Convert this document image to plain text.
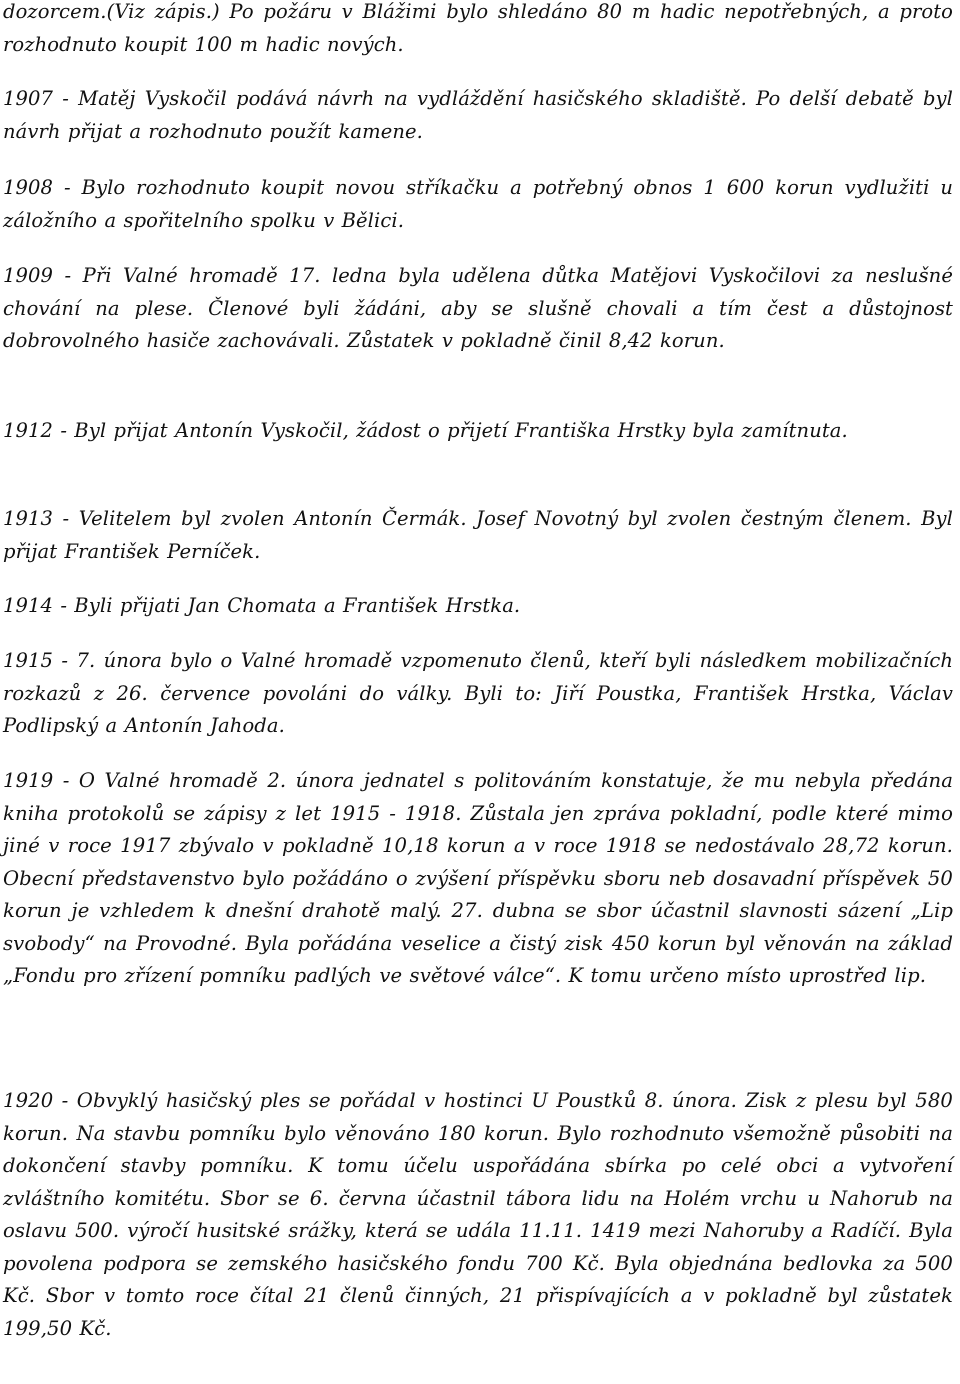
dozorcem.(Viz zápis.) Po požáru v Blážimi bylo shledáno 80 m hadic nepotřebných, a proto rozhodnuto koupit 100 m hadic nových.

1907 - Matěj Vyskočil podává návrh na vydláždění hasičského skladiště. Po delší debatě byl návrh přijat a rozhodnuto použít kamene.

1908 - Bylo rozhodnuto koupit novou stříkačku a potřebný obnos 1 600 korun vydlužiti u záložního a spořitelního spolku v Bělici.

1909 - Při Valné hromadě 17. ledna byla udělena důtka Matějovi Vyskočilovi za neslušné chování na plese. Členové byli žádáni, aby se slušně chovali a tím čest a důstojnost dobrovolného hasiče zachovávali. Zůstatek v pokladně činil 8,42 korun.

1912 - Byl přijat Antonín Vyskočil, žádost o přijetí Františka Hrstky byla zamítnuta.

1913 - Velitelem byl zvolen Antonín Čermák. Josef Novotný byl zvolen čestným členem. Byl přijat František Perníček.

1914 - Byli přijati Jan Chomata a František Hrstka.

1915 - 7. února bylo o Valné hromadě vzpomenuto členů, kteří byli následkem mobilizačních rozkazů z 26. července povoláni do války. Byli to: Jiří Poustka, František Hrstka, Václav Podlipský a Antonín Jahoda.

1919 - O Valné hromadě 2. února jednatel s politováním konstatuje, že mu nebyla předána kniha protokolů se zápisy z let 1915 - 1918. Zůstala jen zpráva pokladní, podle které mimo jiné v roce 1917 zbývalo v pokladně 10,18 korun a v roce 1918 se nedostávalo 28,72 korun. Obecní představenstvo bylo požádáno o zvýšení příspěvku sboru neb dosavadní příspěvek 50 korun je vzhledem k dnešní drahotě malý. 27. dubna se sbor účastnil slavnosti sázení „Lip svobody“ na Provodné. Byla pořádána veselice a čistý zisk 450 korun byl věnován na základ „Fondu pro zřízení pomníku padlých ve světové válce“. K tomu určeno místo uprostřed lip.

1920 - Obvyklý hasičský ples se pořádal v hostinci U Poustků 8. února. Zisk z plesu byl 580 korun. Na stavbu pomníku bylo věnováno 180 korun. Bylo rozhodnuto všemožně působiti na dokončení stavby pomníku. K tomu účelu uspořádána sbírka po celé obci a vytvoření zvláštního komitétu. Sbor se 6. června účastnil tábora lidu na Holém vrchu u Nahorub na oslavu 500. výročí husitské srážky, která se udála 11.11. 1419 mezi Nahoruby a Radíčí. Byla povolena podpora se zemského hasičského fondu 700 Kč. Byla objednána bedlovka za 500 Kč. Sbor v tomto roce čítal 21 členů činných, 21 přispívajících a v pokladně byl zůstatek 199,50 Kč.
